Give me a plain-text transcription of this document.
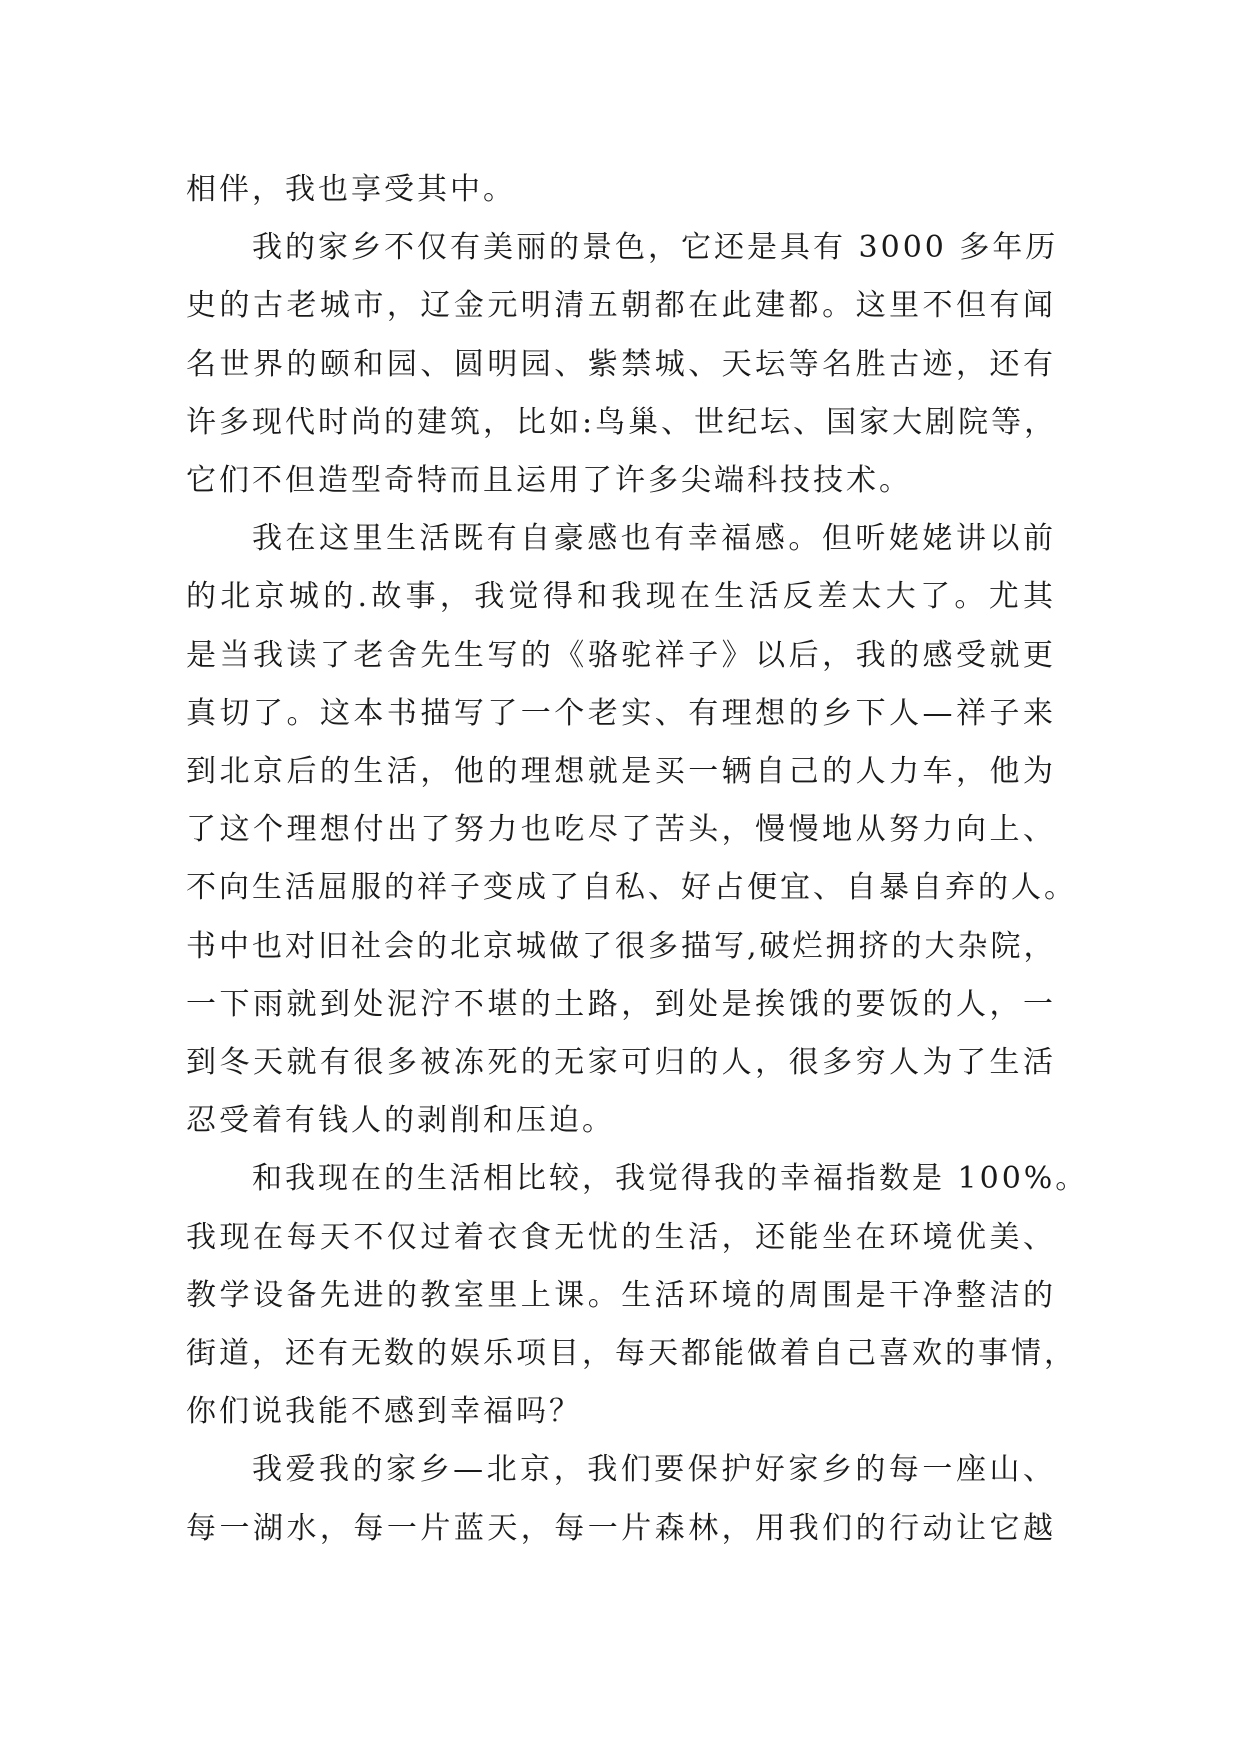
相伴，我也享受其中。
我的家乡不仅有美丽的景色，它还是具有 3000 多年历
史的古老城市，辽金元明清五朝都在此建都。这里不但有闻
名世界的颐和园、圆明园、紫禁城、天坛等名胜古迹，还有
许多现代时尚的建筑，比如:鸟巢、世纪坛、国家大剧院等，
它们不但造型奇特而且运用了许多尖端科技技术。
我在这里生活既有自豪感也有幸福感。但听姥姥讲以前
的北京城的.故事，我觉得和我现在生活反差太大了。尤其
是当我读了老舍先生写的《骆驼祥子》以后，我的感受就更
真切了。这本书描写了一个老实、有理想的乡下人—祥子来
到北京后的生活，他的理想就是买一辆自己的人力车，他为
了这个理想付出了努力也吃尽了苦头，慢慢地从努力向上、
不向生活屈服的祥子变成了自私、好占便宜、自暴自弃的人。
书中也对旧社会的北京城做了很多描写,破烂拥挤的大杂院，
一下雨就到处泥泞不堪的土路，到处是挨饿的要饭的人，一
到冬天就有很多被冻死的无家可归的人，很多穷人为了生活
忍受着有钱人的剥削和压迫。
和我现在的生活相比较，我觉得我的幸福指数是 100%。
我现在每天不仅过着衣食无忧的生活，还能坐在环境优美、
教学设备先进的教室里上课。生活环境的周围是干净整洁的
街道，还有无数的娱乐项目，每天都能做着自己喜欢的事情，
你们说我能不感到幸福吗？
我爱我的家乡—北京，我们要保护好家乡的每一座山、
每一湖水，每一片蓝天，每一片森林，用我们的行动让它越
